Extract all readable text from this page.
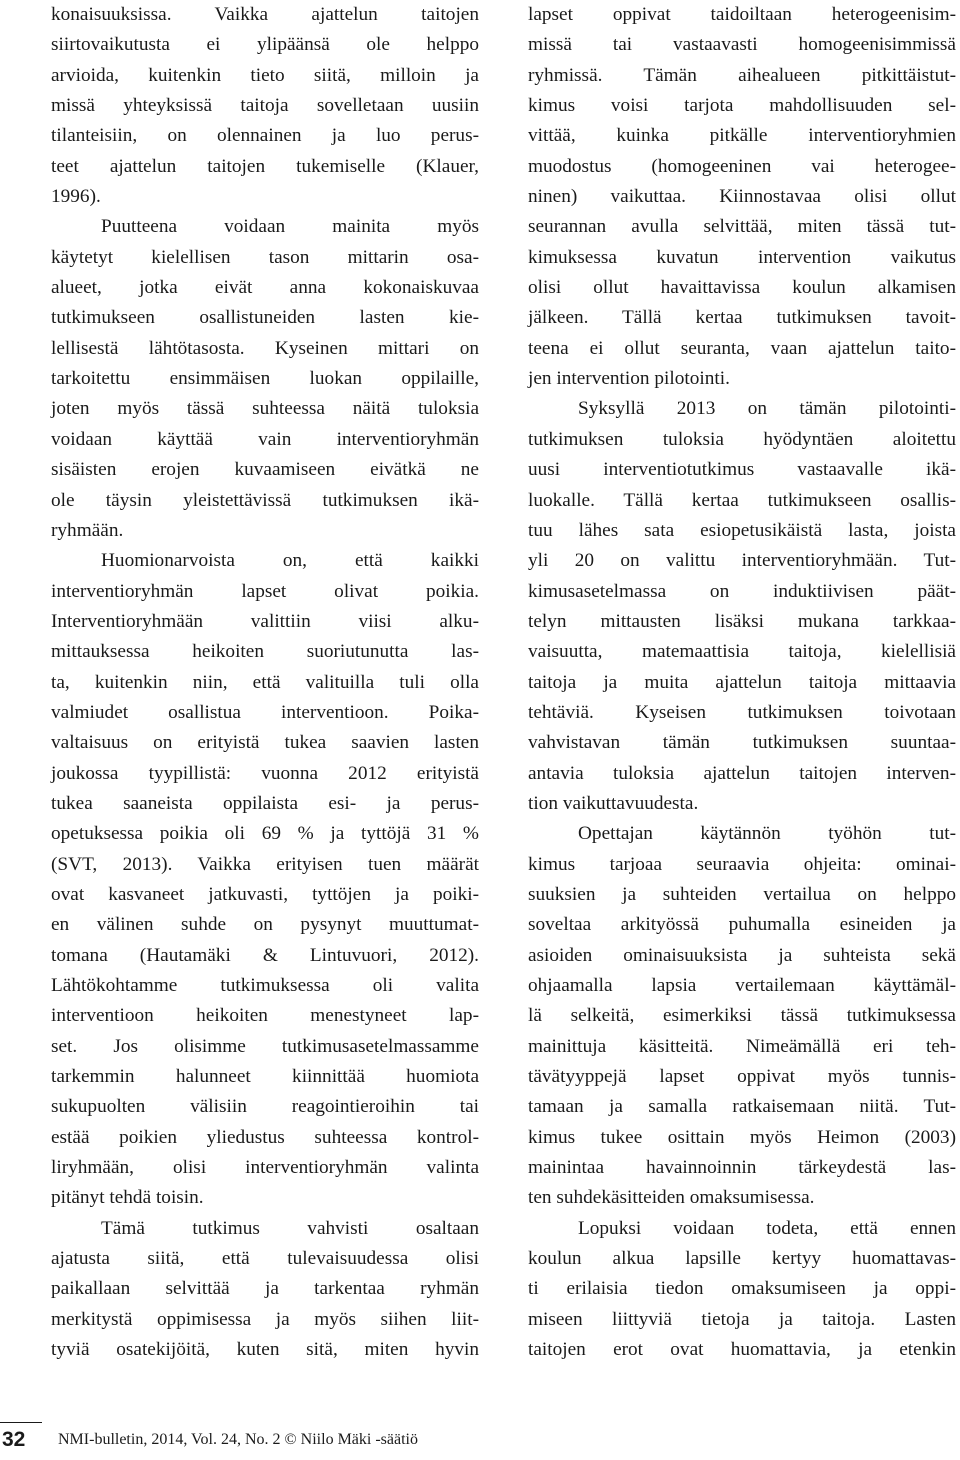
konaisuuksissa. Vaikka ajattelun taitojen
siirtovaikutusta ei ylipäänsä ole helppo
arvioida, kuitenkin tieto siitä, milloin ja
missä yhteyksissä taitoja sovelletaan uusiin
tilanteisiin, on olennainen ja luo perus-
teet ajattelun taitojen tukemiselle (Klauer,
1996).
Puutteena voidaan mainita myös
käytetyt kielellisen tason mittarin osa-
alueet, jotka eivät anna kokonaiskuvaa
tutkimukseen osallistuneiden lasten kie-
lellisestä lähtötasosta. Kyseinen mittari on
tarkoitettu ensimmäisen luokan oppilaille,
joten myös tässä suhteessa näitä tuloksia
voidaan käyttää vain interventioryhmän
sisäisten erojen kuvaamiseen eivätkä ne
ole täysin yleistettävissä tutkimuksen ikä-
ryhmään.
Huomionarvoista on, että kaikki
interventioryhmän lapset olivat poikia.
Interventioryhmään valittiin viisi alku-
mittauksessa heikoiten suoriutunutta las-
ta, kuitenkin niin, että valituilla tuli olla
valmiudet osallistua interventioon. Poika-
valtaisuus on erityistä tukea saavien lasten
joukossa tyypillistä: vuonna 2012 erityistä
tukea saaneista oppilaista esi- ja perus-
opetuksessa poikia oli 69 % ja tyttöjä 31 %
(SVT, 2013). Vaikka erityisen tuen määrät
ovat kasvaneet jatkuvasti, tyttöjen ja poiki-
en välinen suhde on pysynyt muuttumat-
tomana (Hautamäki & Lintuvuori, 2012).
Lähtökohtamme tutkimuksessa oli valita
interventioon heikoiten menestyneet lap-
set. Jos olisimme tutkimusasetelmassamme
tarkemmin halunneet kiinnittää huomiota
sukupuolten välisiin reagointieroihin tai
estää poikien yliedustus suhteessa kontrol-
liryhmään, olisi interventioryhmän valinta
pitänyt tehdä toisin.
Tämä tutkimus vahvisti osaltaan
ajatusta siitä, että tulevaisuudessa olisi
paikallaan selvittää ja tarkentaa ryhmän
merkitystä oppimisessa ja myös siihen liit-
tyviä osatekijöitä, kuten sitä, miten hyvin
lapset oppivat taidoiltaan heterogeenisim-
missä tai vastaavasti homogeenisimmissä
ryhmissä. Tämän aihealueen pitkittäistut-
kimus voisi tarjota mahdollisuuden sel-
vittää, kuinka pitkälle interventioryhmien
muodostus (homogeeninen vai heterogee-
ninen) vaikuttaa. Kiinnostavaa olisi ollut
seurannan avulla selvittää, miten tässä tut-
kimuksessa kuvatun intervention vaikutus
olisi ollut havaittavissa koulun alkamisen
jälkeen. Tällä kertaa tutkimuksen tavoit-
teena ei ollut seuranta, vaan ajattelun taito-
jen intervention pilotointi.
Syksyllä 2013 on tämän pilotointi-
tutkimuksen tuloksia hyödyntäen aloitettu
uusi interventiotutkimus vastaavalle ikä-
luokalle. Tällä kertaa tutkimukseen osallis-
tuu lähes sata esiopetusikäistä lasta, joista
yli 20 on valittu interventioryhmään. Tut-
kimusasetelmassa on induktiivisen päät-
telyn mittausten lisäksi mukana tarkkaa-
vaisuutta, matemaattisia taitoja, kielellisiä
taitoja ja muita ajattelun taitoja mittaavia
tehtäviä. Kyseisen tutkimuksen toivotaan
vahvistavan tämän tutkimuksen suuntaa-
antavia tuloksia ajattelun taitojen interven-
tion vaikuttavuudesta.
Opettajan käytännön työhön tut-
kimus tarjoaa seuraavia ohjeita: ominai-
suuksien ja suhteiden vertailua on helppo
soveltaa arkityössä puhumalla esineiden ja
asioiden ominaisuuksista ja suhteista sekä
ohjaamalla lapsia vertailemaan käyttämäl-
lä selkeitä, esimerkiksi tässä tutkimuksessa
mainittuja käsitteitä. Nimeämällä eri teh-
tävätyyppejä lapset oppivat myös tunnis-
tamaan ja samalla ratkaisemaan niitä. Tut-
kimus tukee osittain myös Heimon (2003)
mainintaa havainnoinnin tärkeydestä las-
ten suhdekäsitteiden omaksumisessa.
Lopuksi voidaan todeta, että ennen
koulun alkua lapsille kertyy huomattavas-
ti erilaisia tiedon omaksumiseen ja oppi-
miseen liittyviä tietoja ja taitoja. Lasten
taitojen erot ovat huomattavia, ja etenkin
32 NMI-bulletin, 2014, Vol. 24, No. 2 © Niilo Mäki -säätiö
